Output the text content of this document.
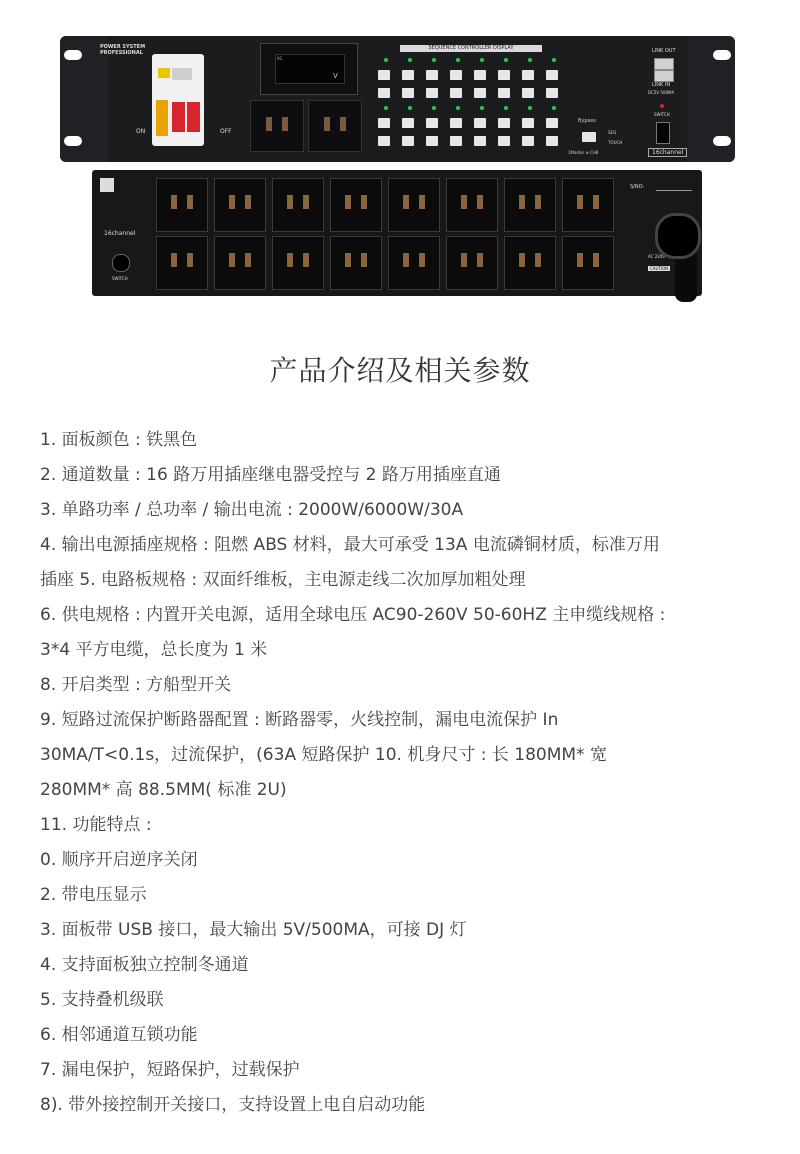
POWER SYSTEM
PROFESSIONAL
ON	OFF
AC
V
SEQUENCE CONTROLLER DISPLAY
Bypass
SEQ
TOUCH
1Master ⊕ CH8
LINK OUT
LINK IN
DC5V 500MA
SWITCH
16channel
16channel
SWITCH
S/NO:
AC 220V
CAUTION
产品介绍及相关参数
1. 面板颜色 : 铁黑色
2. 通道数量 : 16 路万用插座继电器受控与 2 路万用插座直通
3. 单路功率 / 总功率 / 输出电流 : 2000W/6000W/30A
4. 输出电源插座规格 : 阻燃 ABS 材料，最大可承受 13A 电流磷铜材质，标准万用
插座 5. 电路板规格 : 双面纤维板，主电源走线二次加厚加粗处理
6. 供电规格 : 内置开关电源，适用全球电压 AC90-260V 50-60HZ 主申缆线规格 :
3*4 平方电缆，总长度为 1 米
8. 开启类型 : 方船型开关
9. 短路过流保护断路器配置 : 断路器零，火线控制，漏电电流保护 In
30MA/T<0.1s，过流保护，(63A 短路保护 10. 机身尺寸 : 长 180MM* 宽
280MM* 高 88.5MM( 标准 2U)
11. 功能特点 :
0. 顺序开启逆序关闭
2. 带电压显示
3. 面板带 USB 接口，最大输出 5V/500MA，可接 DJ 灯
4. 支持面板独立控制冬通道
5. 支持叠机级联
6. 相邻通道互锁功能
7. 漏电保护，短路保护，过载保护
8). 带外接控制开关接口，支持设置上电自启动功能
